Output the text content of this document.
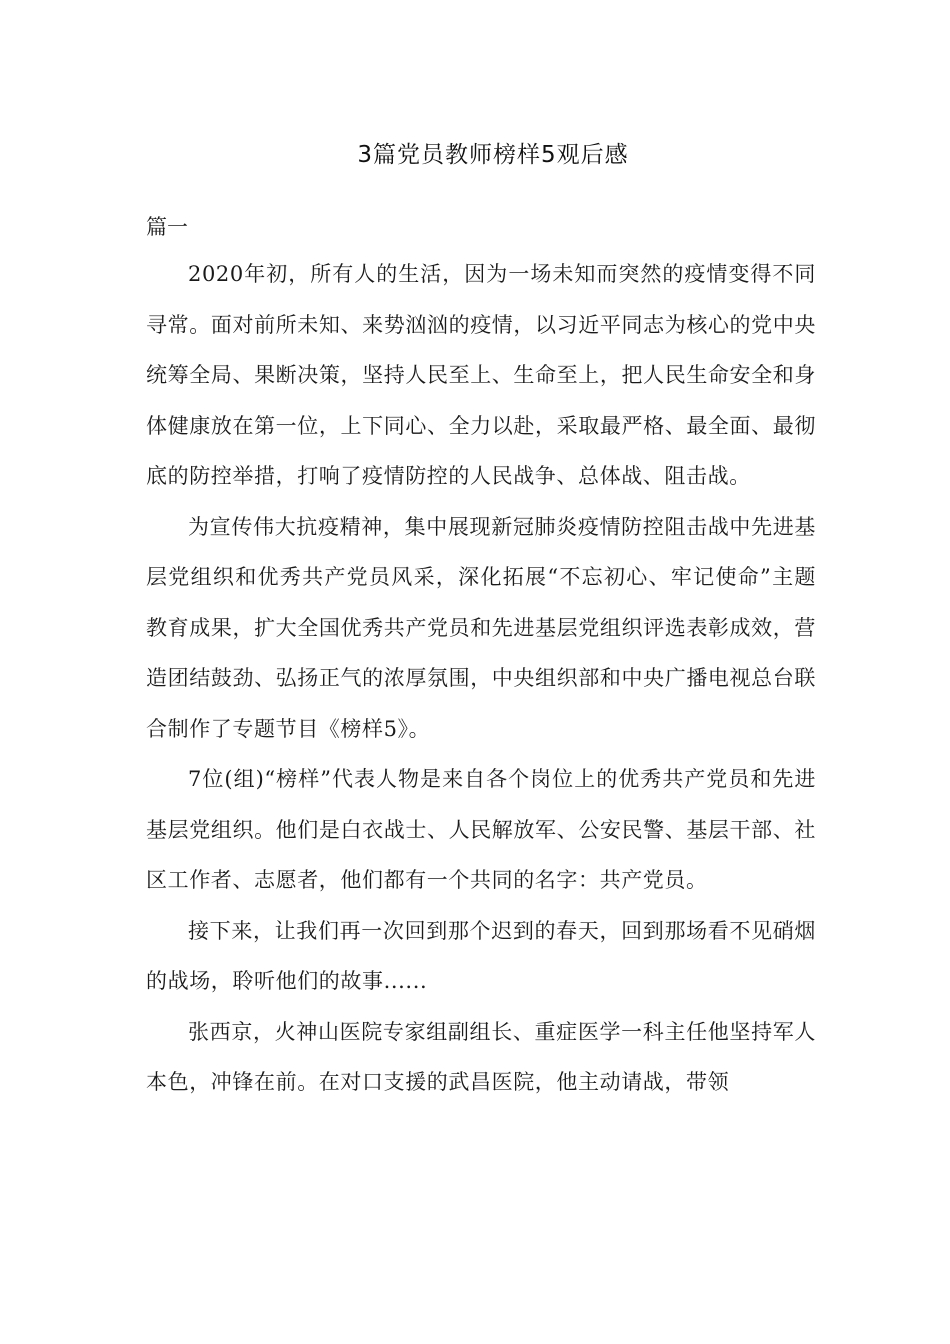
3篇党员教师榜样5观后感

篇一

2020年初，所有人的生活，因为一场未知而突然的疫情变得不同寻常。面对前所未知、来势汹汹的疫情，以习近平同志为核心的党中央统筹全局、果断决策，坚持人民至上、生命至上，把人民生命安全和身体健康放在第一位，上下同心、全力以赴，采取最严格、最全面、最彻底的防控举措，打响了疫情防控的人民战争、总体战、阻击战。

为宣传伟大抗疫精神，集中展现新冠肺炎疫情防控阻击战中先进基层党组织和优秀共产党员风采，深化拓展“不忘初心、牢记使命”主题教育成果，扩大全国优秀共产党员和先进基层党组织评选表彰成效，营造团结鼓劲、弘扬正气的浓厚氛围，中央组织部和中央广播电视总台联合制作了专题节目《榜样5》。

7位(组)“榜样”代表人物是来自各个岗位上的优秀共产党员和先进基层党组织。他们是白衣战士、人民解放军、公安民警、基层干部、社区工作者、志愿者，他们都有一个共同的名字：共产党员。

接下来，让我们再一次回到那个迟到的春天，回到那场看不见硝烟的战场，聆听他们的故事......

张西京，火神山医院专家组副组长、重症医学一科主任他坚持军人本色，冲锋在前。在对口支援的武昌医院，他主动请战，带领
